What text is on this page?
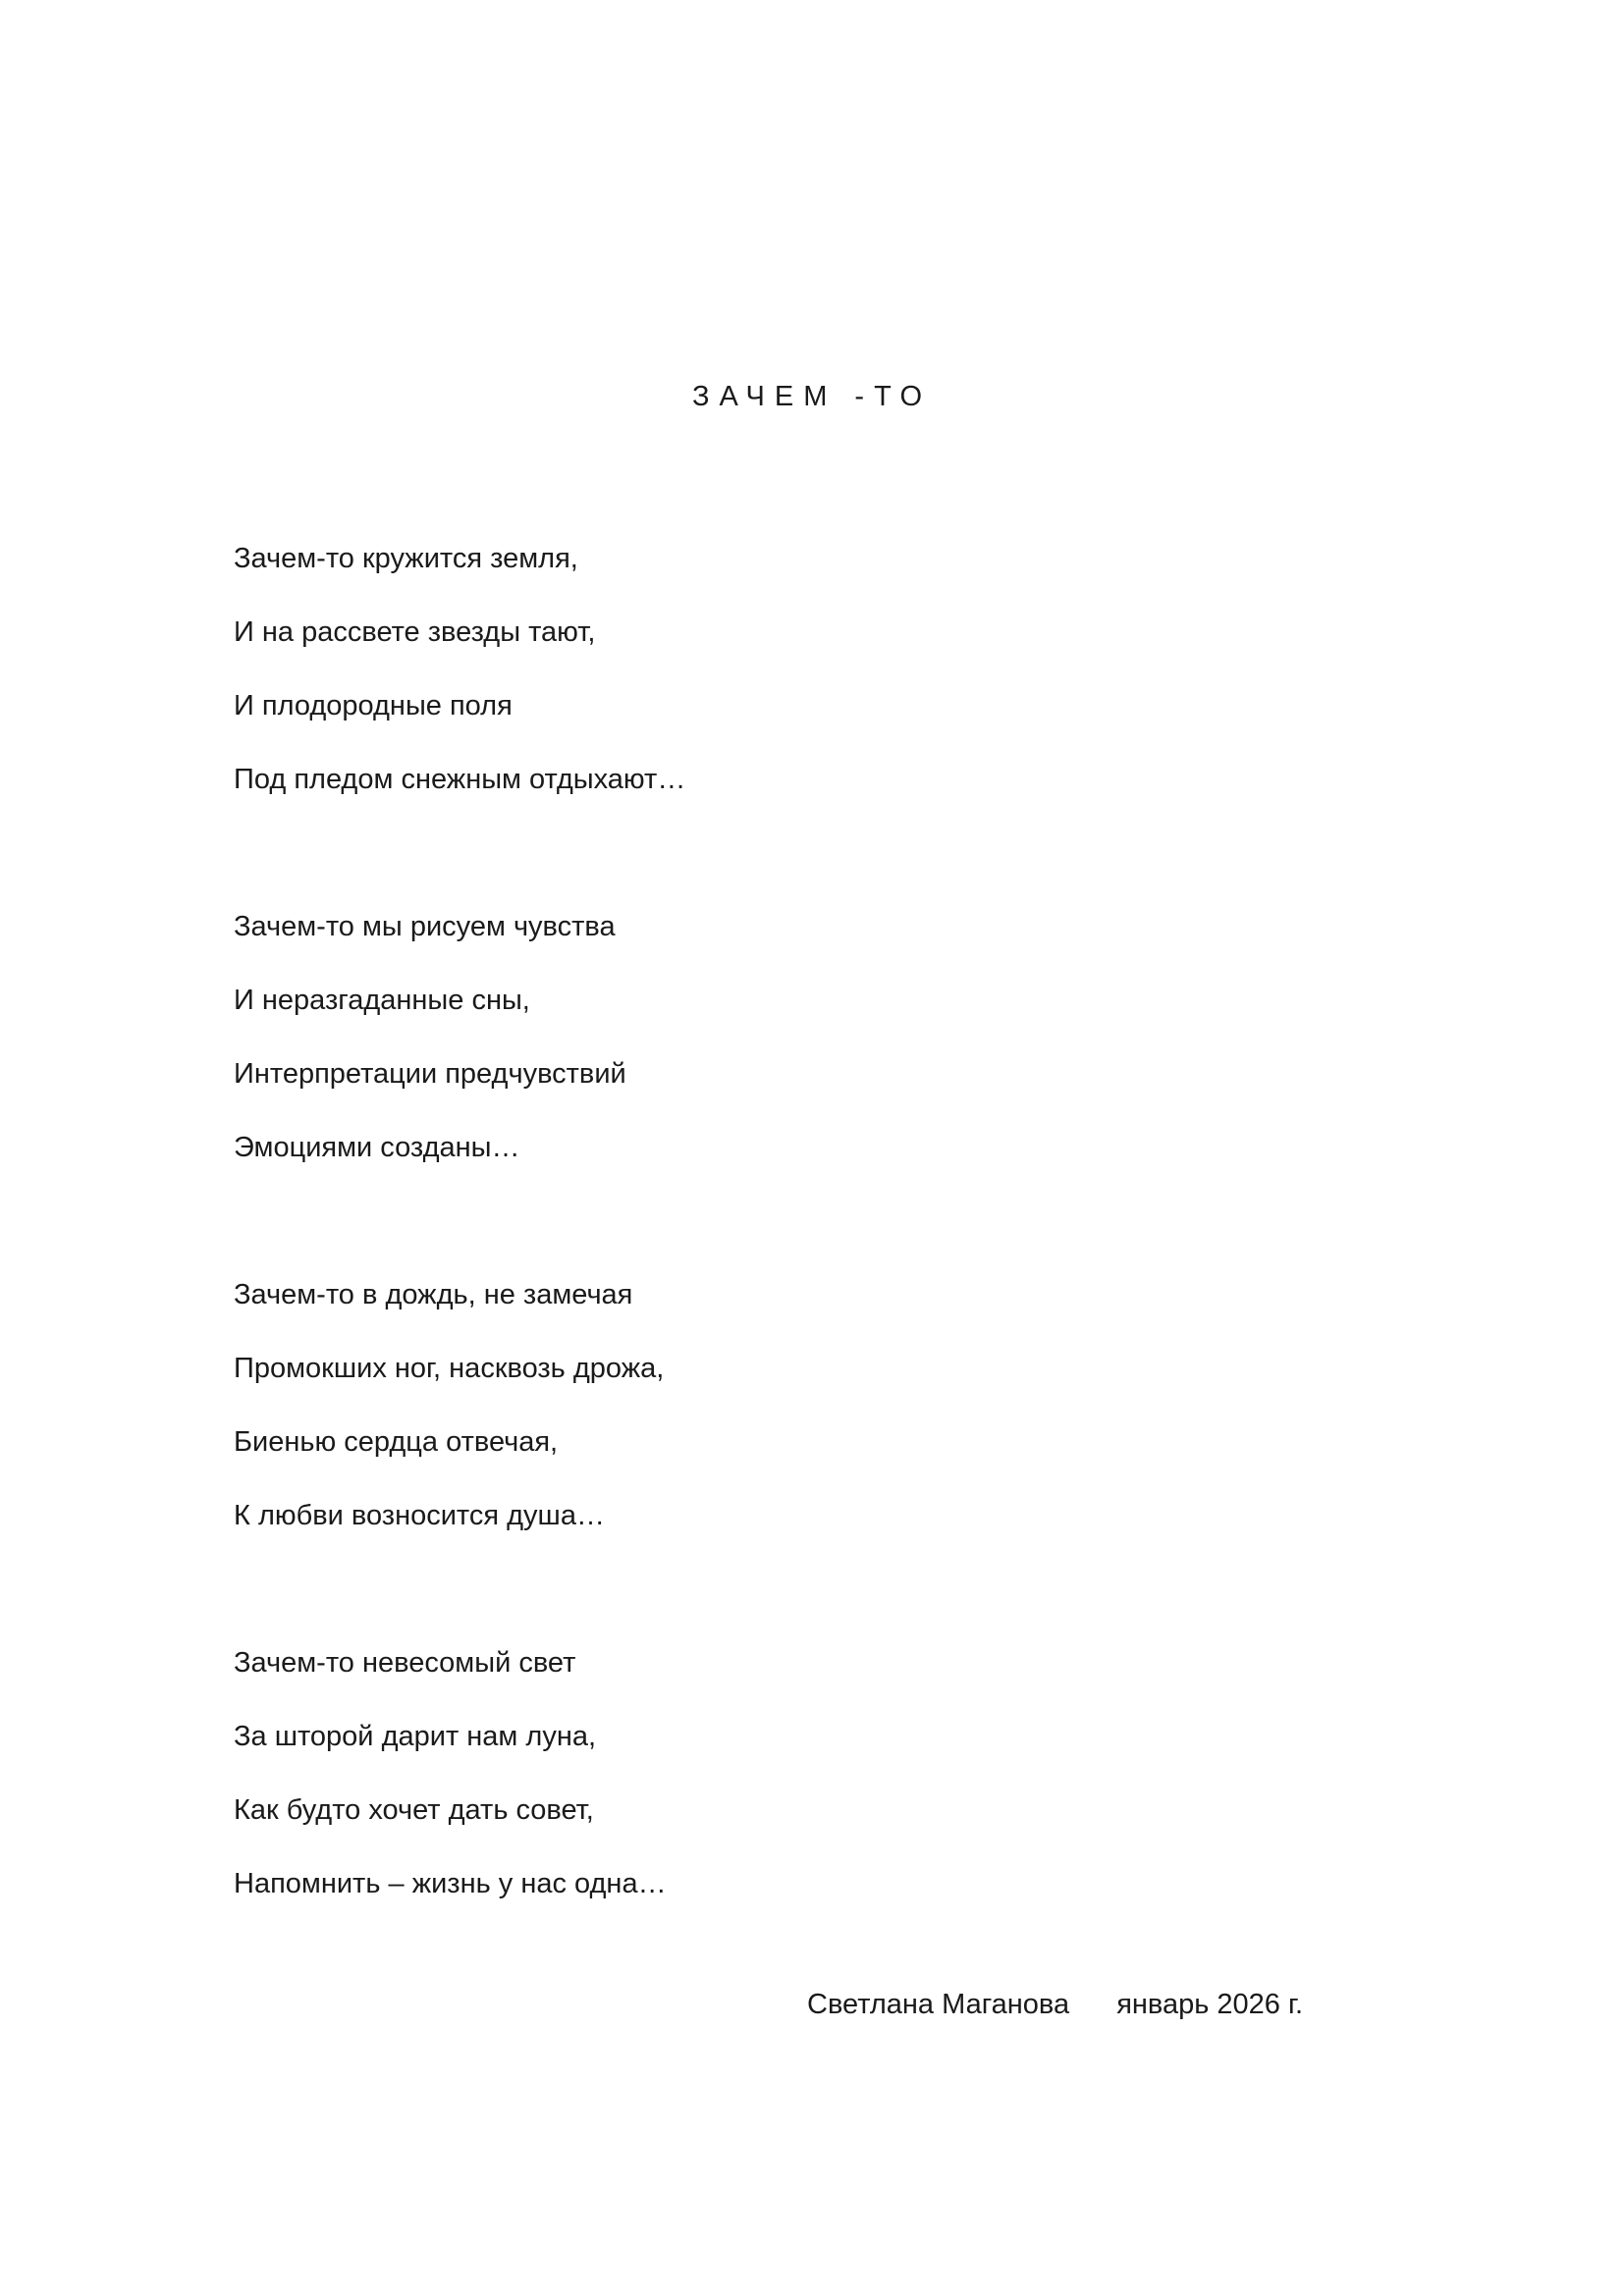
ЗАЧЕМ -ТО
Зачем-то кружится земля,
И на рассвете звезды тают,
И плодородные поля
Под пледом снежным отдыхают…
Зачем-то мы рисуем чувства
И неразгаданные сны,
Интерпретации предчувствий
Эмоциями созданы…
Зачем-то в дождь, не замечая
Промокших ног, насквозь дрожа,
Биенью сердца отвечая,
К любви возносится душа…
Зачем-то невесомый свет
За шторой дарит нам луна,
Как будто хочет дать совет,
Напомнить – жизнь у нас одна…
Светлана Маганова январь 2026 г.
